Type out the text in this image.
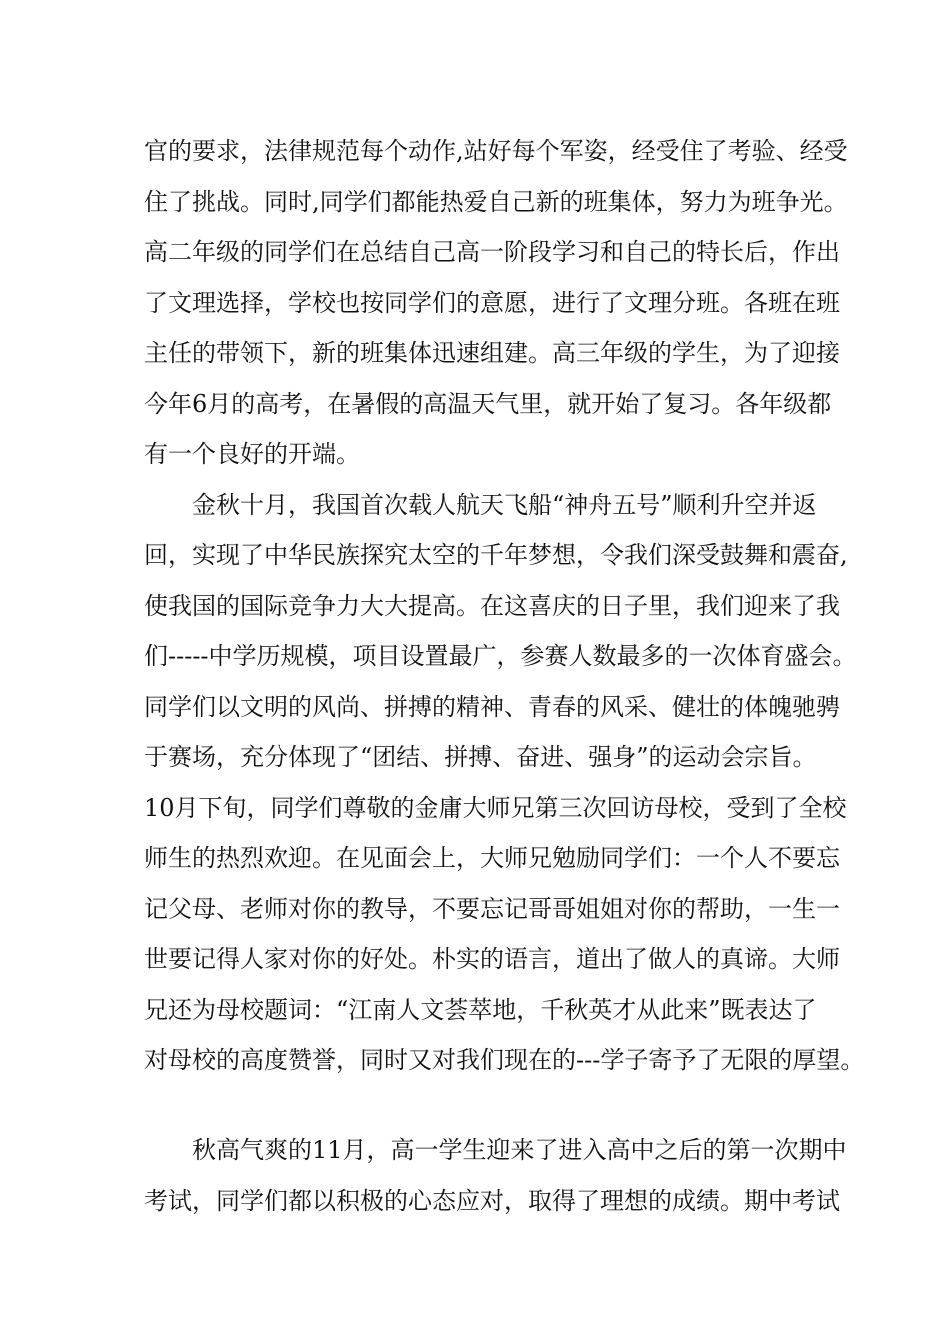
官的要求，法律规范每个动作,站好每个军姿，经受住了考验、经受
住了挑战。同时,同学们都能热爱自己新的班集体，努力为班争光。
高二年级的同学们在总结自己高一阶段学习和自己的特长后，作出
了文理选择，学校也按同学们的意愿，进行了文理分班。各班在班
主任的带领下，新的班集体迅速组建。高三年级的学生，为了迎接
今年6月的高考，在暑假的高温天气里，就开始了复习。各年级都
有一个良好的开端。
　　金秋十月，我国首次载人航天飞船“神舟五号”顺利升空并返
回，实现了中华民族探究太空的千年梦想，令我们深受鼓舞和震奋,
使我国的国际竞争力大大提高。在这喜庆的日子里，我们迎来了我
们-----中学历规模，项目设置最广，参赛人数最多的一次体育盛会。
同学们以文明的风尚、拼搏的精神、青春的风采、健壮的体魄驰骋
于赛场，充分体现了“团结、拼搏、奋进、强身”的运动会宗旨。
10月下旬，同学们尊敬的金庸大师兄第三次回访母校，受到了全校
师生的热烈欢迎。在见面会上，大师兄勉励同学们：一个人不要忘
记父母、老师对你的教导，不要忘记哥哥姐姐对你的帮助，一生一
世要记得人家对你的好处。朴实的语言，道出了做人的真谛。大师
兄还为母校题词：“江南人文荟萃地，千秋英才从此来”既表达了
对母校的高度赞誉，同时又对我们现在的---学子寄予了无限的厚望。
　　秋高气爽的11月，高一学生迎来了进入高中之后的第一次期中
考试，同学们都以积极的心态应对，取得了理想的成绩。期中考试
